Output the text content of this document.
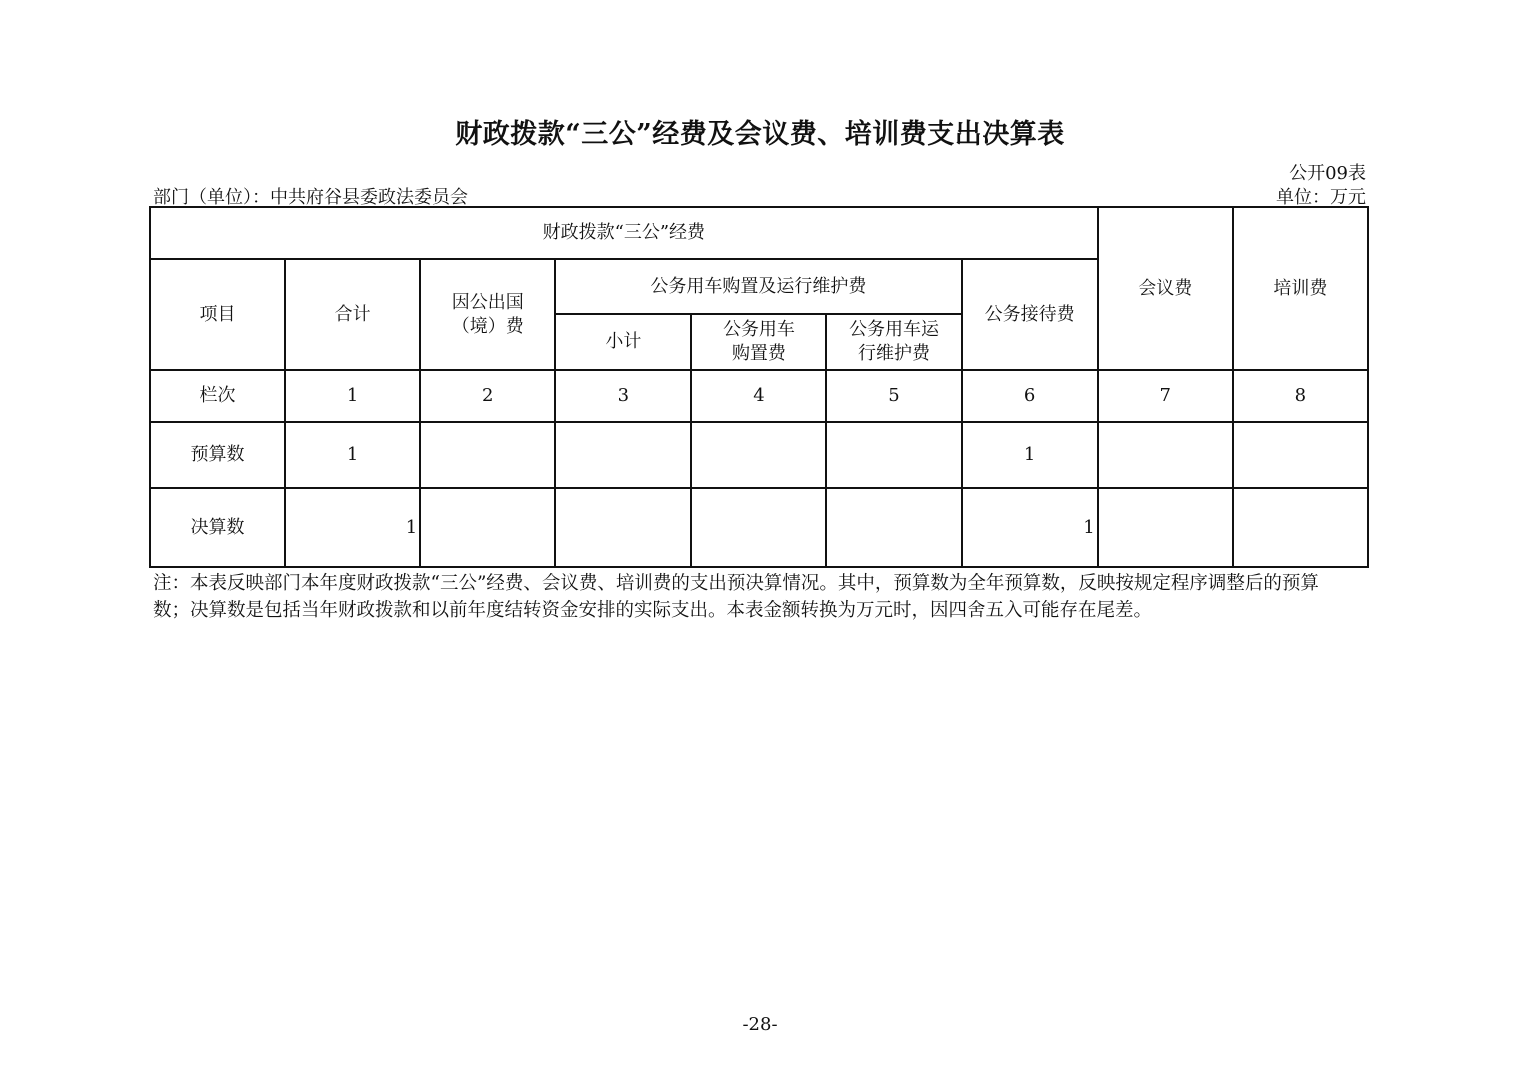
财政拨款“三公”经费及会议费、培训费支出决算表
公开09表
部门（单位）：中共府谷县委政法委员会	单位：万元
财政拨款“三公”经费							会议费	培训费
项目	合计	因公出国（境）费	公务用车购置及运行维护费			公务接待费		
			小计	公务用车购置费	公务用车运行维护费			
栏次	1	2	3	4	5	6	7	8
预算数	1					1		
决算数	1					1		
注：本表反映部门本年度财政拨款“三公”经费、会议费、培训费的支出预决算情况。其中，预算数为全年预算数，反映按规定程序调整后的预算数；决算数是包括当年财政拨款和以前年度结转资金安排的实际支出。本表金额转换为万元时，因四舍五入可能存在尾差。
-28-
